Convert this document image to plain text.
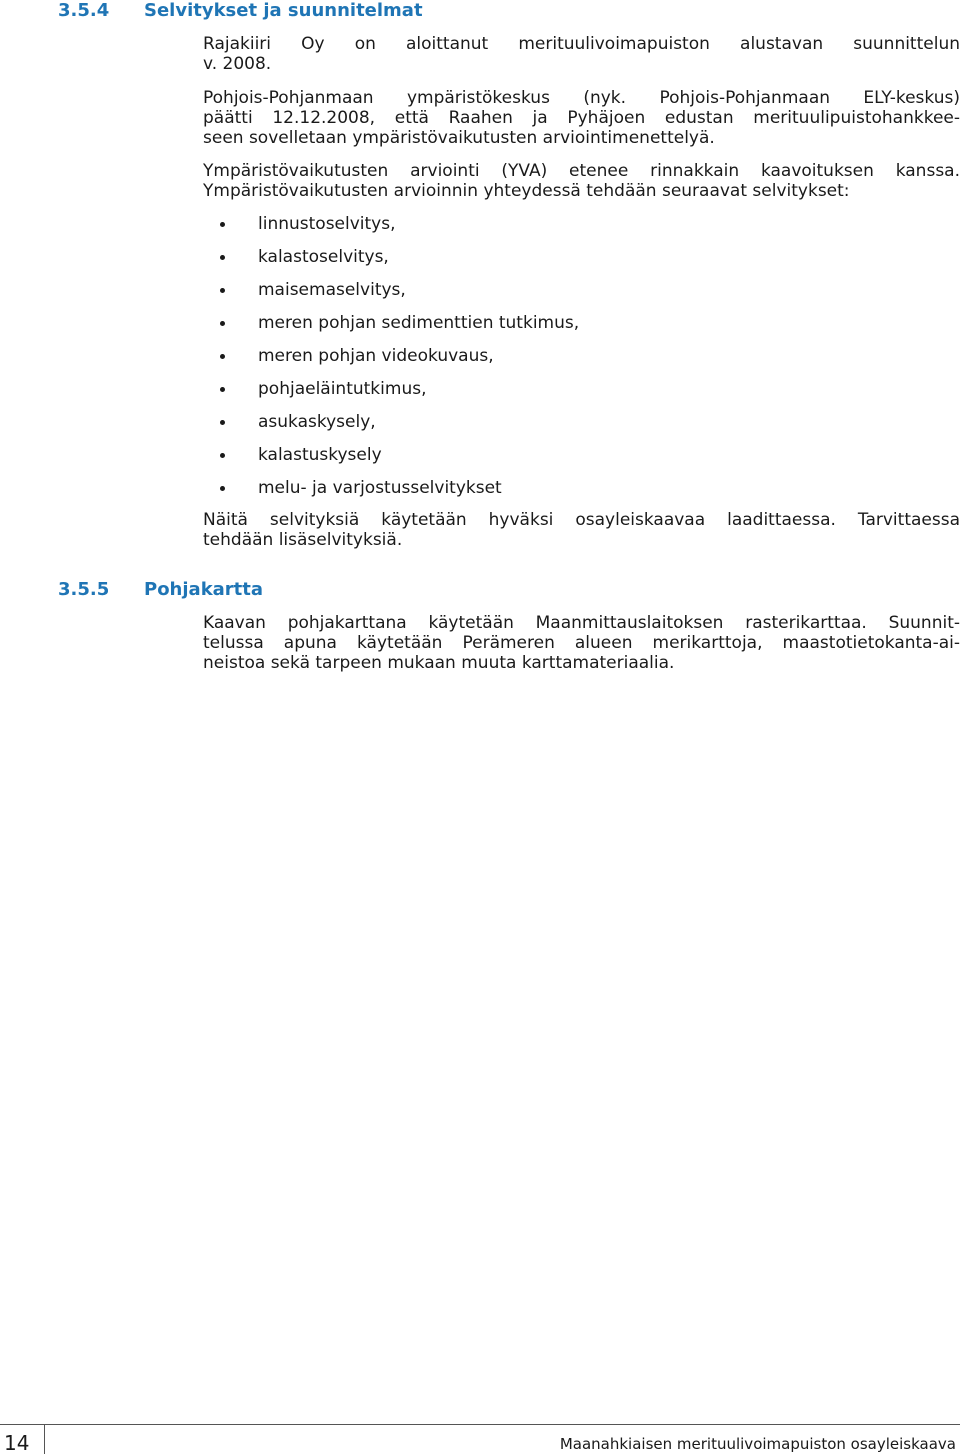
3.5.4 Selvitykset ja suunnitelmat
Rajakiiri Oy on aloittanut merituulivoimapuiston alustavan suunnittelun
v. 2008.
Pohjois-Pohjanmaan ympäristökeskus (nyk. Pohjois-Pohjanmaan ELY-keskus)
päätti 12.12.2008, että Raahen ja Pyhäjoen edustan merituulipuistohankkee-
seen sovelletaan ympäristövaikutusten arviointimenettelyä.
Ympäristövaikutusten arviointi (YVA) etenee rinnakkain kaavoituksen kanssa.
Ympäristövaikutusten arvioinnin yhteydessä tehdään seuraavat selvitykset:
linnustoselvitys,
kalastoselvitys,
maisemaselvitys,
meren pohjan sedimenttien tutkimus,
meren pohjan videokuvaus,
pohjaeläintutkimus,
asukaskysely,
kalastuskysely
melu- ja varjostusselvitykset
Näitä selvityksiä käytetään hyväksi osayleiskaavaa laadittaessa. Tarvittaessa
tehdään lisäselvityksiä.
3.5.5 Pohjakartta
Kaavan pohjakarttana käytetään Maanmittauslaitoksen rasterikarttaa. Suunnit-
telussa apuna käytetään Perämeren alueen merikarttoja, maastotietokanta-ai-
neistoa sekä tarpeen mukaan muuta karttamateriaalia.
14	Maanahkiaisen merituulivoimapuiston osayleiskaava
